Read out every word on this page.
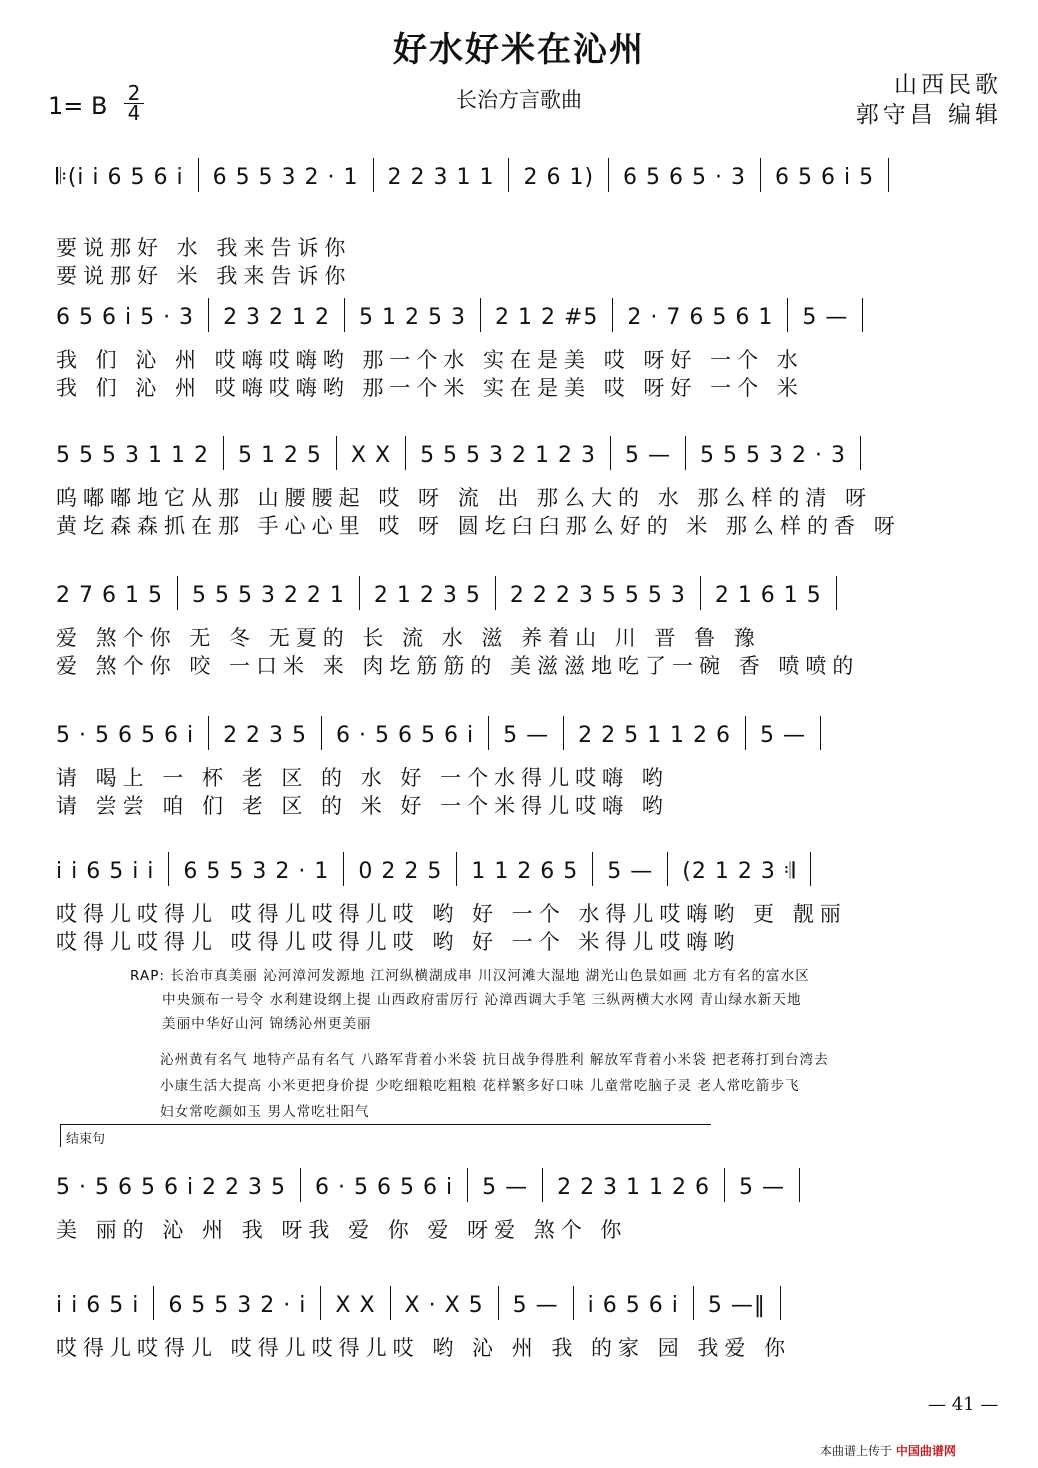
好水好米在沁州
长治方言歌曲
1= B 2
4
山西民歌
郭守昌 编辑
𝄆(i i 6 5 6 i 6 5 5 3 2 · 1 2 2 3 1 1 2 6 1) 6 5 6 5 · 3 6 5 6 i 5
要说那好 水 我来告诉你
要说那好 米 我来告诉你
6 5 6 i 5 · 3 2 3 2 1 2 5 1 2 5 3 2 1 2 #5 2 · 7 6 5 6 1 5 —
我 们 沁 州 哎嗨哎嗨哟 那一个水 实在是美 哎 呀好 一个 水
我 们 沁 州 哎嗨哎嗨哟 那一个米 实在是美 哎 呀好 一个 米
5 5 5 3 1 1 2 5 1 2 5 X X 5 5 5 3 2 1 2 3 5 — 5 5 5 3 2 · 3
呜嘟嘟地它从那 山腰腰起 哎 呀 流 出 那么大的 水 那么样的清 呀
黄圪森森抓在那 手心心里 哎 呀 圆圪臼臼那么好的 米 那么样的香 呀
2 7 6 1 5 5 5 5 3 2 2 1 2 1 2 3 5 2 2 2 3 5 5 5 3 2 1 6 1 5
爱 煞个你 无 冬 无夏的 长 流 水 滋 养着山 川 晋 鲁 豫
爱 煞个你 咬 一口米 来 肉圪筋筋的 美滋滋地吃了一碗 香 喷喷的
5 · 5 6 5 6 i 2 2 3 5 6 · 5 6 5 6 i 5 — 2 2 5 1 1 2 6 5 —
请 喝上 一 杯 老 区 的 水 好 一个水得儿哎嗨 哟
请 尝尝 咱 们 老 区 的 米 好 一个米得儿哎嗨 哟
i i 6 5 i i 6 5 5 3 2 · 1 0 2 2 5 1 1 2 6 5 5 — (2 1 2 3 𝄇
哎得儿哎得儿 哎得儿哎得儿哎 哟 好 一个 水得儿哎嗨哟 更 靓丽
哎得儿哎得儿 哎得儿哎得儿哎 哟 好 一个 米得儿哎嗨哟
RAP: 长治市真美丽 沁河漳河发源地 江河纵横湖成串 川汉河滩大湿地 湖光山色景如画 北方有名的富水区
中央颁布一号令 水利建设纲上提 山西政府雷厉行 沁漳西调大手笔 三纵两横大水网 青山绿水新天地
美丽中华好山河 锦绣沁州更美丽
沁州黄有名气 地特产品有名气 八路军背着小米袋 抗日战争得胜利 解放军背着小米袋 把老蒋打到台湾去
小康生活大提高 小米更把身价提 少吃细粮吃粗粮 花样繁多好口味 儿童常吃脑子灵 老人常吃箭步飞
妇女常吃颜如玉 男人常吃壮阳气
结束句
5 · 5 6 5 6 i 2 2 3 5 6 · 5 6 5 6 i 5 — 2 2 3 1 1 2 6 5 —
美 丽的 沁 州 我 呀我 爱 你 爱 呀爱 煞个 你
i i 6 5 i 6 5 5 3 2 · i X X X · X 5 5 — i 6 5 6 i 5 —‖
哎得儿哎得儿 哎得儿哎得儿哎 哟 沁 州 我 的家 园 我爱 你
— 41 —
本曲谱上传于 中国曲谱网
